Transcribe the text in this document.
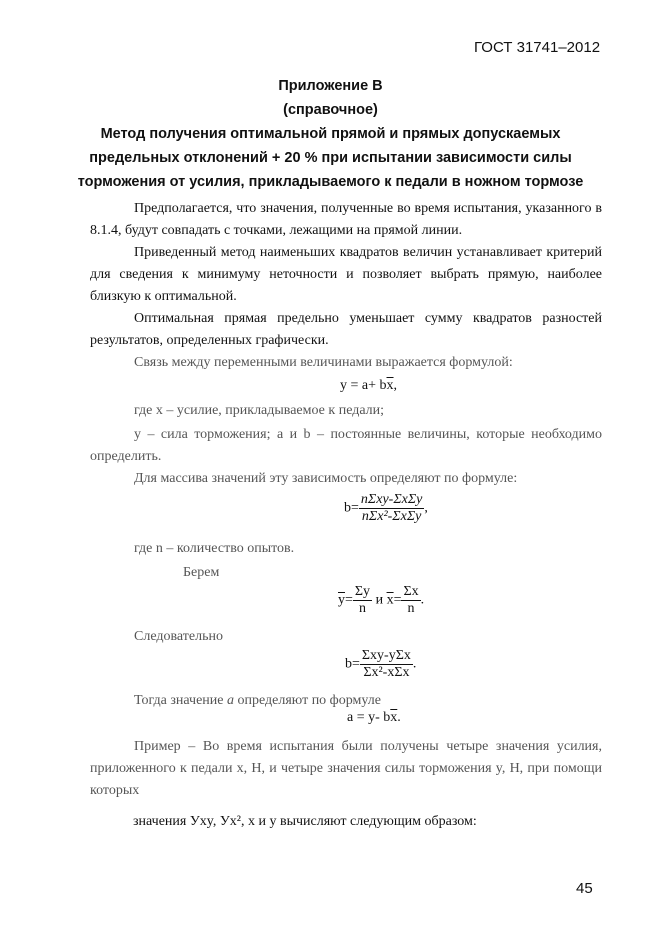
ГОСТ 31741–2012
Приложение В
(справочное)
Метод получения оптимальной прямой и прямых допускаемых
предельных отклонений + 20 % при испытании зависимости силы
торможения от усилия, прикладываемого к педали в ножном тормозе
Предполагается, что значения, полученные во время испытания, указанного в 8.1.4, будут совпадать с точками, лежащими на прямой линии.
Приведенный метод наименьших квадратов величин устанавливает критерий для сведения к минимуму неточности и позволяет выбрать прямую, наиболее близкую к оптимальной.
Оптимальная прямая предельно уменьшает сумму квадратов разностей результатов, определенных графически.
Связь между переменными величинами выражается формулой:
$y = a+ b\overline{x}$,
где x – усилие, прикладываемое к педали;
y – сила торможения; a и b – постоянные величины, которые необходимо определить.
Для массива значений эту зависимость определяют по формуле:
$b= \frac{\text{nΣxy-ΣxΣy}}{\text{nΣx²-ΣxΣy}}$ ,
где n – количество опытов.
Берем
$\overline{y}= \frac{\Sigma y}{n}$ и $\overline{x}= \frac{\Sigma x}{n}$ .
Следовательно
$b= \frac{\text{Σxy-yΣx}}{\text{Σx²-xΣx}}$ .
Тогда значение a определяют по формуле
a = y- $b\overline{x}$.
Пример – Во время испытания были получены четыре значения усилия, приложенного к педали x, Н, и четыре значения силы торможения y, Н, при помощи которых
значения Уxy, Уx², x и y вычисляют следующим образом:
45
